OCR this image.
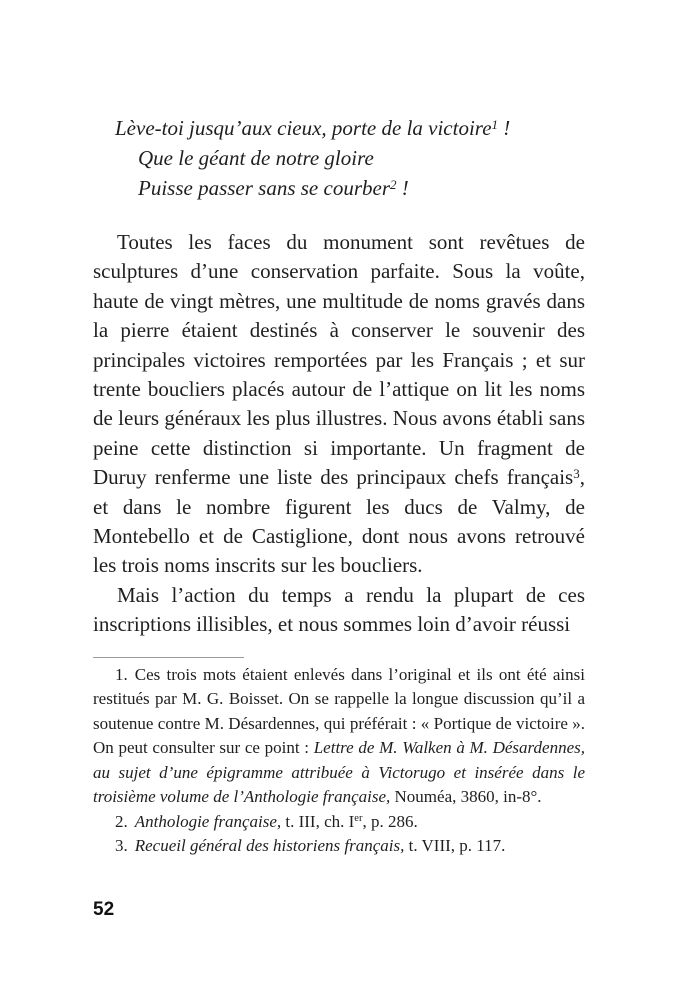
Lève-toi jusqu’aux cieux, porte de la victoire$^1$ !

Que le géant de notre gloire

Puisse passer sans se courber$^2$ !

Toutes les faces du monument sont revêtues de sculptures d’une conservation parfaite. Sous la voûte, haute de vingt mètres, une multitude de noms gravés dans la pierre étaient destinés à conserver le souvenir des principales victoires remportées par les Français ; et sur trente boucliers placés autour de l’attique on lit les noms de leurs généraux les plus illustres. Nous avons établi sans peine cette distinction si importante. Un fragment de Duruy renferme une liste des principaux chefs français$^3$, et dans le nombre figurent les ducs de Valmy, de Montebello et de Castiglione, dont nous avons retrouvé les trois noms inscrits sur les boucliers.

Mais l’action du temps a rendu la plupart de ces inscriptions illisibles, et nous sommes loin d’avoir réussi

1. Ces trois mots étaient enlevés dans l’original et ils ont été ainsi restitués par M. G. Boisset. On se rappelle la longue discussion qu’il a soutenue contre M. Désardennes, qui préférait : « Portique de victoire ». On peut consulter sur ce point : Lettre de M. Walken à M. Désardennes, au sujet d’une épigramme attribuée à Victorugo et insérée dans le troisième volume de l’Anthologie française, Nouméa, 3860, in-8°.

2. Anthologie française, t. III, ch. Ier, p. 286.

3. Recueil général des historiens français, t. VIII, p. 117.

52
